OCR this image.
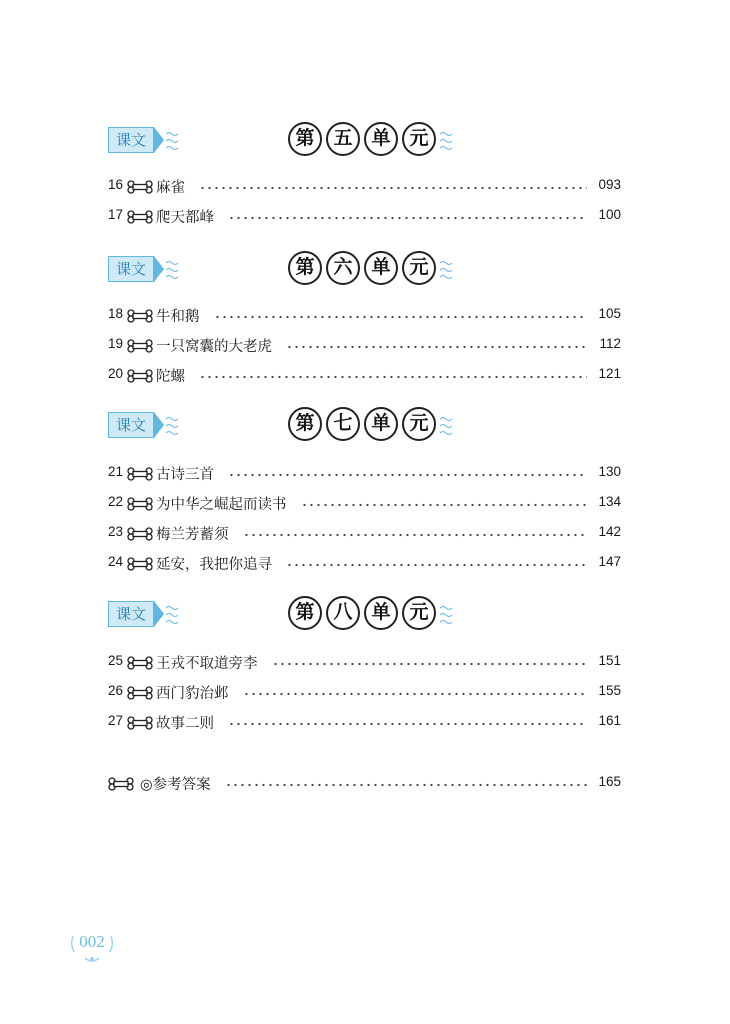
课文	第 五 单 元
16 麻雀	093
17 爬天都峰	100
课文	第 六 单 元
18 牛和鹅	105
19 一只窝囊的大老虎	112
20 陀螺	121
课文	第 七 单 元
21 古诗三首	130
22 为中华之崛起而读书	134
23 梅兰芳蓄须	142
24 延安，我把你追寻	147
课文	第 八 单 元
25 王戎不取道旁李	151
26 西门豹治邺	155
27 故事二则	161
◎参考答案	165
002
